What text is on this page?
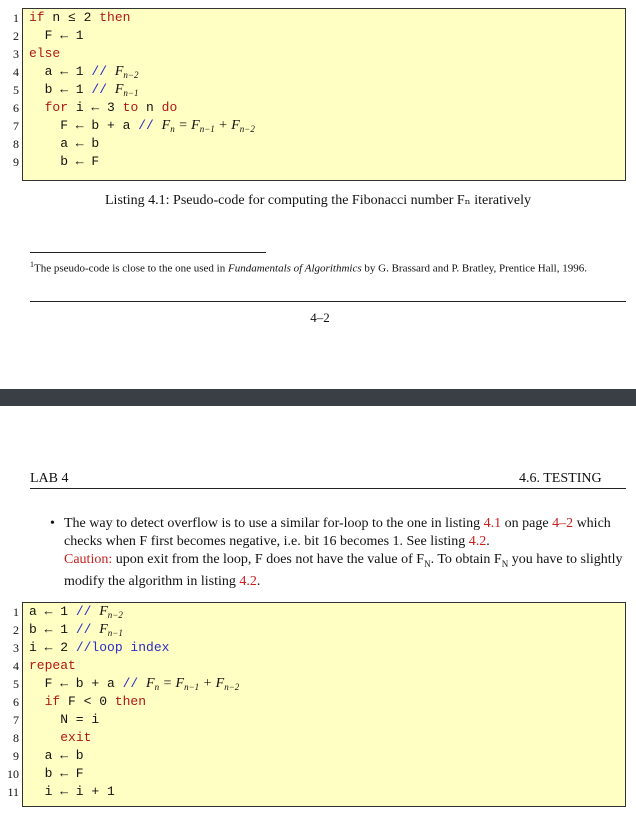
1 if n ≤ 2 then
2 F ← 1
3 else
4 a ← $1 // F_{n-2}$
5 b ← $1 // F_{n-1}$
6	for i ← 3 to n do
7 F ← $b + a // F_n = F_{n-1} + F_{n-2}$
8 a ← b
9 b ← F
Listing 4.1: Pseudo-code for computing the Fibonacci number Fₙ iteratively
$^1$The pseudo-code is close to the one used in Fundamentals of Algorithmics by G. Brassard and P. Bratley, Prentice Hall, 1996.
4–2
LAB 4	4.6. TESTING
• The way to detect overflow is to use a similar for-loop to the one in listing 4.1 on page 4–2 which checks when F first becomes negative, i.e. bit 16 becomes 1. See listing 4.2.
Caution: upon exit from the loop, F does not have the value of $F_N$. To obtain $F_N$ you have to slightly modify the algorithm in listing 4.2.
1 a ← $1 // F_{n-2}$
2 b ← $1 // F_{n-1}$
3 i ← 2 //loop index
4 repeat
5 F ← $b + a // F_n = F_{n-1} + F_{n-2}$
6	if F < 0 then
7 N = i
8	exit
9 a ← b
10 b ← F
11 i ← i + 1
